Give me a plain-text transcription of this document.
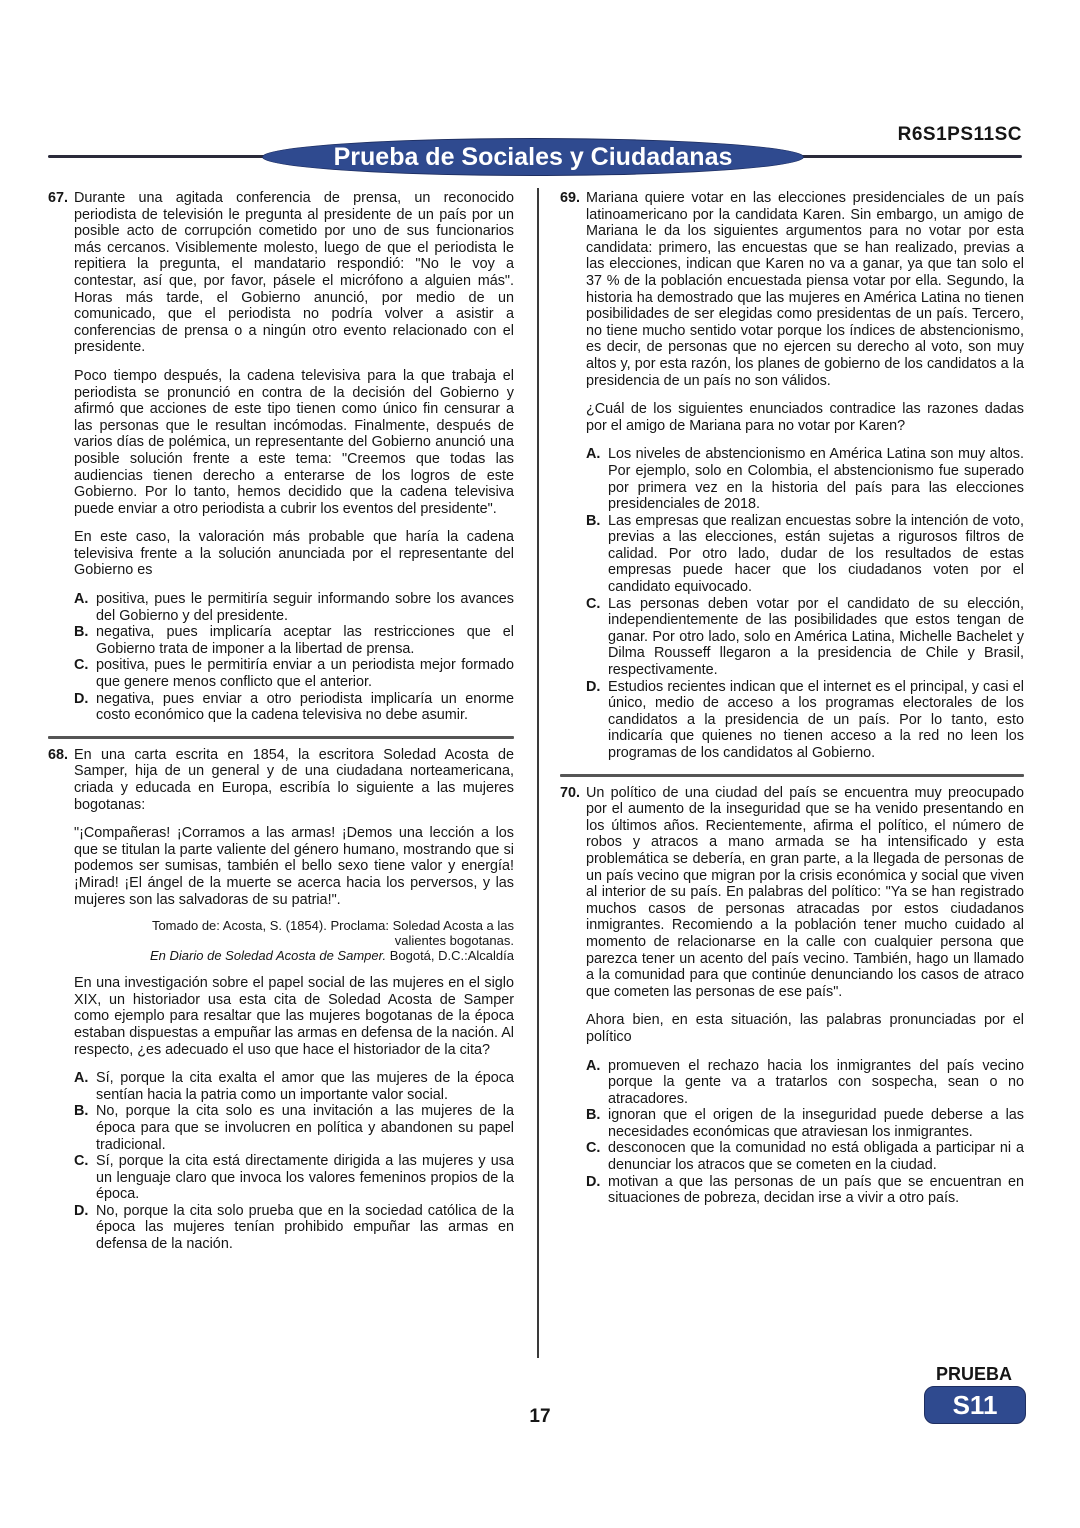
R6S1PS11SC
Prueba de Sociales y Ciudadanas
67. Durante una agitada conferencia de prensa, un reconocido periodista de televisión le pregunta al presidente de un país por un posible acto de corrupción cometido por uno de sus funcionarios más cercanos. Visiblemente molesto, luego de que el periodista le repitiera la pregunta, el mandatario respondió: "No le voy a contestar, así que, por favor, pásele el micrófono a alguien más". Horas más tarde, el Gobierno anunció, por medio de un comunicado, que el periodista no podría volver a asistir a conferencias de prensa o a ningún otro evento relacionado con el presidente.

Poco tiempo después, la cadena televisiva para la que trabaja el periodista se pronunció en contra de la decisión del Gobierno y afirmó que acciones de este tipo tienen como único fin censurar a las personas que le resultan incómodas. Finalmente, después de varios días de polémica, un representante del Gobierno anunció una posible solución frente a este tema: "Creemos que todas las audiencias tienen derecho a enterarse de los logros de este Gobierno. Por lo tanto, hemos decidido que la cadena televisiva puede enviar a otro periodista a cubrir los eventos del presidente".

En este caso, la valoración más probable que haría la cadena televisiva frente a la solución anunciada por el representante del Gobierno es

A. positiva, pues le permitiría seguir informando sobre los avances del Gobierno y del presidente.
B. negativa, pues implicaría aceptar las restricciones que el Gobierno trata de imponer a la libertad de prensa.
C. positiva, pues le permitiría enviar a un periodista mejor formado que genere menos conflicto que el anterior.
D. negativa, pues enviar a otro periodista implicaría un enorme costo económico que la cadena televisiva no debe asumir.
68. En una carta escrita en 1854, la escritora Soledad Acosta de Samper, hija de un general y de una ciudadana norteamericana, criada y educada en Europa, escribía lo siguiente a las mujeres bogotanas:

"¡Compañeras! ¡Corramos a las armas! ¡Demos una lección a los que se titulan la parte valiente del género humano, mostrando que si podemos ser sumisas, también el bello sexo tiene valor y energía! ¡Mirad! ¡El ángel de la muerte se acerca hacia los perversos, y las mujeres son las salvadoras de su patria!".

Tomado de: Acosta, S. (1854). Proclama: Soledad Acosta a las valientes bogotanas.
En Diario de Soledad Acosta de Samper. Bogotá, D.C.:Alcaldía

En una investigación sobre el papel social de las mujeres en el siglo XIX, un historiador usa esta cita de Soledad Acosta de Samper como ejemplo para resaltar que las mujeres bogotanas de la época estaban dispuestas a empuñar las armas en defensa de la nación. Al respecto, ¿es adecuado el uso que hace el historiador de la cita?

A. Sí, porque la cita exalta el amor que las mujeres de la época sentían hacia la patria como un importante valor social.
B. No, porque la cita solo es una invitación a las mujeres de la época para que se involucren en política y abandonen su papel tradicional.
C. Sí, porque la cita está directamente dirigida a las mujeres y usa un lenguaje claro que invoca los valores femeninos propios de la época.
D. No, porque la cita solo prueba que en la sociedad católica de la época las mujeres tenían prohibido empuñar las armas en defensa de la nación.
69. Mariana quiere votar en las elecciones presidenciales de un país latinoamericano por la candidata Karen. Sin embargo, un amigo de Mariana le da los siguientes argumentos para no votar por esta candidata: primero, las encuestas que se han realizado, previas a las elecciones, indican que Karen no va a ganar, ya que tan solo el 37 % de la población encuestada piensa votar por ella. Segundo, la historia ha demostrado que las mujeres en América Latina no tienen posibilidades de ser elegidas como presidentas de un país. Tercero, no tiene mucho sentido votar porque los índices de abstencionismo, es decir, de personas que no ejercen su derecho al voto, son muy altos y, por esta razón, los planes de gobierno de los candidatos a la presidencia de un país no son válidos.

¿Cuál de los siguientes enunciados contradice las razones dadas por el amigo de Mariana para no votar por Karen?

A. Los niveles de abstencionismo en América Latina son muy altos. Por ejemplo, solo en Colombia, el abstencionismo fue superado por primera vez en la historia del país para las elecciones presidenciales de 2018.
B. Las empresas que realizan encuestas sobre la intención de voto, previas a las elecciones, están sujetas a rigurosos filtros de calidad. Por otro lado, dudar de los resultados de estas empresas puede hacer que los ciudadanos voten por el candidato equivocado.
C. Las personas deben votar por el candidato de su elección, independientemente de las posibilidades que estos tengan de ganar. Por otro lado, solo en América Latina, Michelle Bachelet y Dilma Rousseff llegaron a la presidencia de Chile y Brasil, respectivamente.
D. Estudios recientes indican que el internet es el principal, y casi el único, medio de acceso a los programas electorales de los candidatos a la presidencia de un país. Por lo tanto, esto indicaría que quienes no tienen acceso a la red no leen los programas de los candidatos al Gobierno.
70. Un político de una ciudad del país se encuentra muy preocupado por el aumento de la inseguridad que se ha venido presentando en los últimos años. Recientemente, afirma el político, el número de robos y atracos a mano armada se ha intensificado y esta problemática se debería, en gran parte, a la llegada de personas de un país vecino que migran por la crisis económica y social que viven al interior de su país. En palabras del político: "Ya se han registrado muchos casos de personas atracadas por estos ciudadanos inmigrantes. Recomiendo a la población tener mucho cuidado al momento de relacionarse en la calle con cualquier persona que parezca tener un acento del país vecino. También, hago un llamado a la comunidad para que continúe denunciando los casos de atraco que cometen las personas de ese país".

Ahora bien, en esta situación, las palabras pronunciadas por el político

A. promueven el rechazo hacia los inmigrantes del país vecino porque la gente va a tratarlos con sospecha, sean o no atracadores.
B. ignoran que el origen de la inseguridad puede deberse a las necesidades económicas que atraviesan los inmigrantes.
C. desconocen que la comunidad no está obligada a participar ni a denunciar los atracos que se cometen en la ciudad.
D. motivan a que las personas de un país que se encuentran en situaciones de pobreza, decidan irse a vivir a otro país.
17
PRUEBA
S11
